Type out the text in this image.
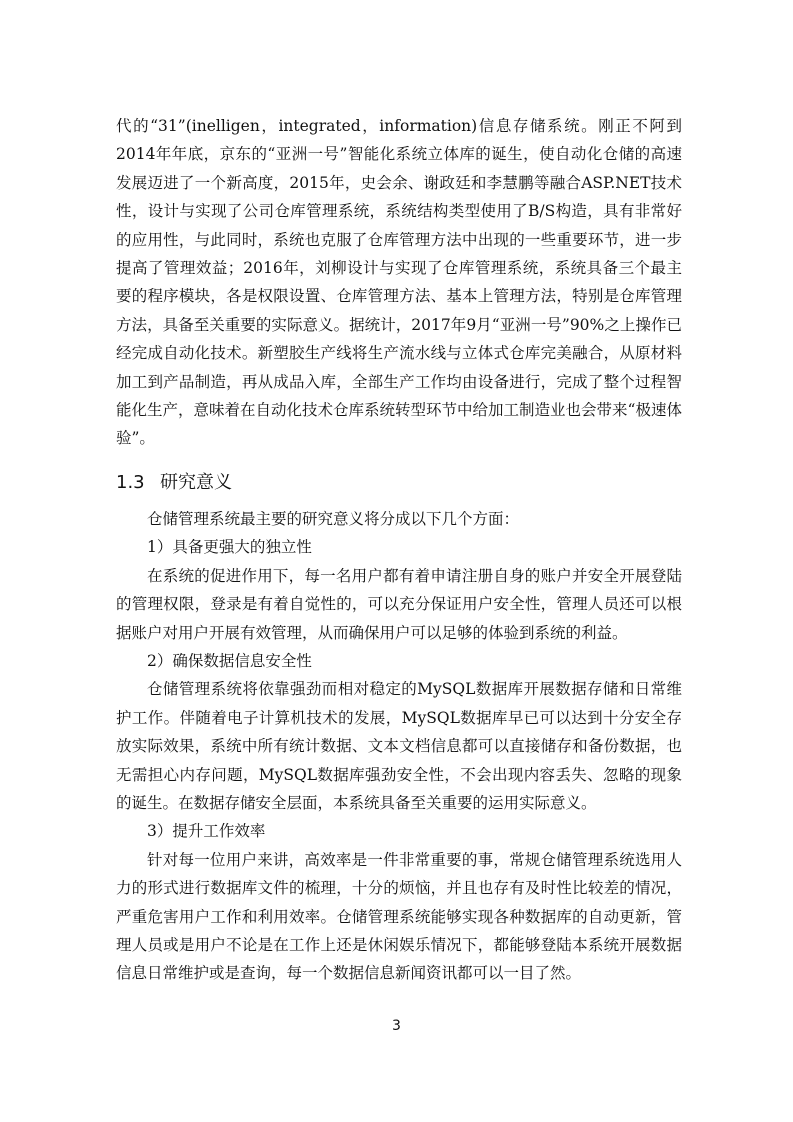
代的“31”(inelligen，integrated，information)信息存储系统。刚正不阿到2014年年底，京东的“亚洲一号”智能化系统立体库的诞生，使自动化仓储的高速发展迈进了一个新高度，2015年，史会余、谢政廷和李慧鹏等融合ASP.NET技术性，设计与实现了公司仓库管理系统，系统结构类型使用了B/S构造，具有非常好的应用性，与此同时，系统也克服了仓库管理方法中出现的一些重要环节，进一步提高了管理效益；2016年，刘柳设计与实现了仓库管理系统，系统具备三个最主要的程序模块，各是权限设置、仓库管理方法、基本上管理方法，特别是仓库管理方法，具备至关重要的实际意义。据统计，2017年9月“亚洲一号”90%之上操作已经完成自动化技术。新塑胶生产线将生产流水线与立体式仓库完美融合，从原材料加工到产品制造，再从成品入库，全部生产工作均由设备进行，完成了整个过程智能化生产，意味着在自动化技术仓库系统转型环节中给加工制造业也会带来“极速体验”。

1.3 研究意义

仓储管理系统最主要的研究意义将分成以下几个方面：

1）具备更强大的独立性

在系统的促进作用下，每一名用户都有着申请注册自身的账户并安全开展登陆的管理权限，登录是有着自觉性的，可以充分保证用户安全性，管理人员还可以根据账户对用户开展有效管理，从而确保用户可以足够的体验到系统的利益。

2）确保数据信息安全性

仓储管理系统将依靠强劲而相对稳定的MySQL数据库开展数据存储和日常维护工作。伴随着电子计算机技术的发展，MySQL数据库早已可以达到十分安全存放实际效果，系统中所有统计数据、文本文档信息都可以直接储存和备份数据，也无需担心内存问题，MySQL数据库强劲安全性，不会出现内容丢失、忽略的现象的诞生。在数据存储安全层面，本系统具备至关重要的运用实际意义。

3）提升工作效率

针对每一位用户来讲，高效率是一件非常重要的事，常规仓储管理系统选用人力的形式进行数据库文件的梳理，十分的烦恼，并且也存有及时性比较差的情况，严重危害用户工作和利用效率。仓储管理系统能够实现各种数据库的自动更新，管理人员或是用户不论是在工作上还是休闲娱乐情况下，都能够登陆本系统开展数据信息日常维护或是查询，每一个数据信息新闻资讯都可以一目了然。

3
